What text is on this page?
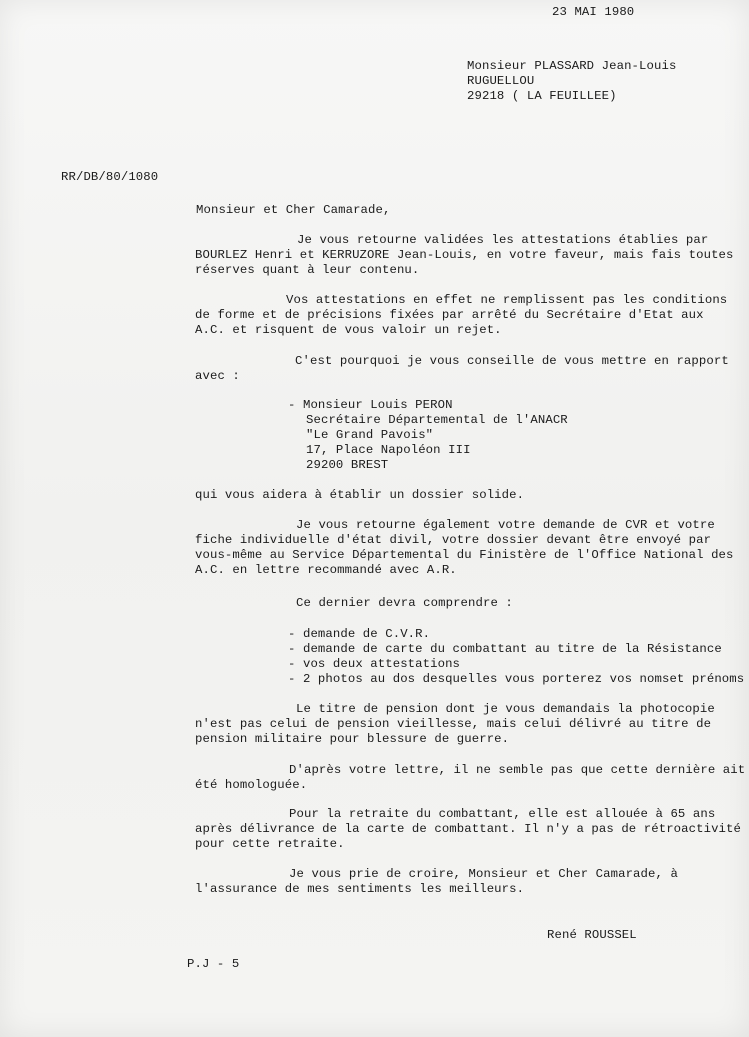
23 MAI 1980
Monsieur PLASSARD Jean-Louis
RUGUELLOU
29218 ( LA FEUILLEE)
RR/DB/80/1080
Monsieur et Cher Camarade,
Je vous retourne validées les attestations établies par
BOURLEZ Henri et KERRUZORE Jean-Louis, en votre faveur, mais fais toutes
réserves quant à leur contenu.
Vos attestations en effet ne remplissent pas les conditions
de forme et de précisions fixées par arrêté du Secrétaire d'Etat aux
A.C. et risquent de vous valoir un rejet.
C'est pourquoi je vous conseille de vous mettre en rapport
avec :
- Monsieur Louis PERON
Secrétaire Départemental de l'ANACR
"Le Grand Pavois"
17, Place Napoléon III
29200 BREST
qui vous aidera à établir un dossier solide.
Je vous retourne également votre demande de CVR et votre
fiche individuelle d'état divil, votre dossier devant être envoyé par
vous-même au Service Départemental du Finistère de l'Office National des
A.C. en lettre recommandé avec A.R.
Ce dernier devra comprendre :
- demande de C.V.R.
- demande de carte du combattant au titre de la Résistance
- vos deux attestations
- 2 photos au dos desquelles vous porterez vos nomset prénoms
Le titre de pension dont je vous demandais la photocopie
n'est pas celui de pension vieillesse, mais celui délivré au titre de
pension militaire pour blessure de guerre.
D'après votre lettre, il ne semble pas que cette dernière ait
été homologuée.
Pour la retraite du combattant, elle est allouée à 65 ans
après délivrance de la carte de combattant. Il n'y a pas de rétroactivité
pour cette retraite.
Je vous prie de croire, Monsieur et Cher Camarade, à
l'assurance de mes sentiments les meilleurs.
René ROUSSEL
P.J - 5
